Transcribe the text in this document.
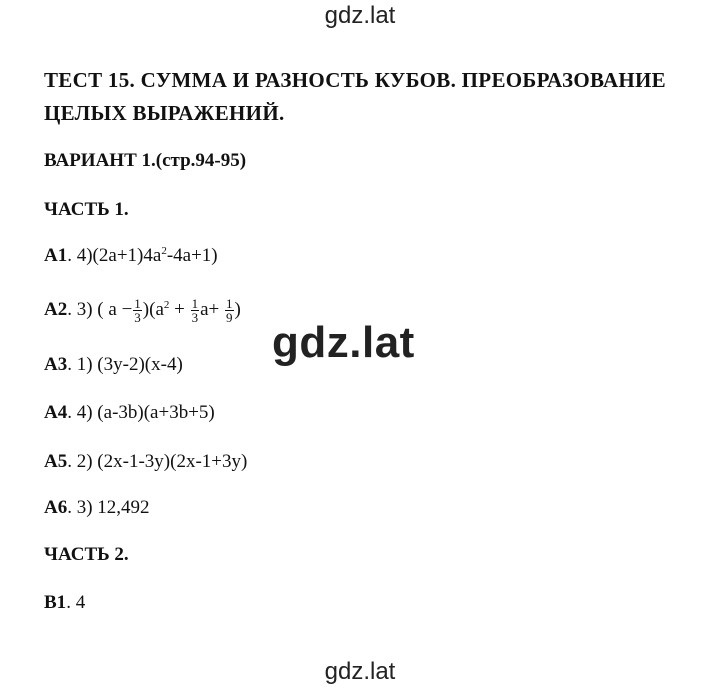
gdz.lat
ТЕСТ 15. СУММА И РАЗНОСТЬ КУБОВ. ПРЕОБРАЗОВАНИЕ ЦЕЛЫХ ВЫРАЖЕНИЙ.
ВАРИАНТ 1.(стр.94-95)
ЧАСТЬ 1.
А1. $4)(2a+1)4a^2-4a+1$)
А2. 3) ( $a - \frac{1}{3} )(a^2 + \frac{1}{3} a+ \frac{1}{9}$ )
gdz.lat
А3. 1) (3y-2)(x-4)
А4. 4) (a-3b)(a+3b+5)
А5. 2) (2x-1-3y)(2x-1+3y)
А6. 3) 12,492
ЧАСТЬ 2.
В1. 4
gdz.lat
